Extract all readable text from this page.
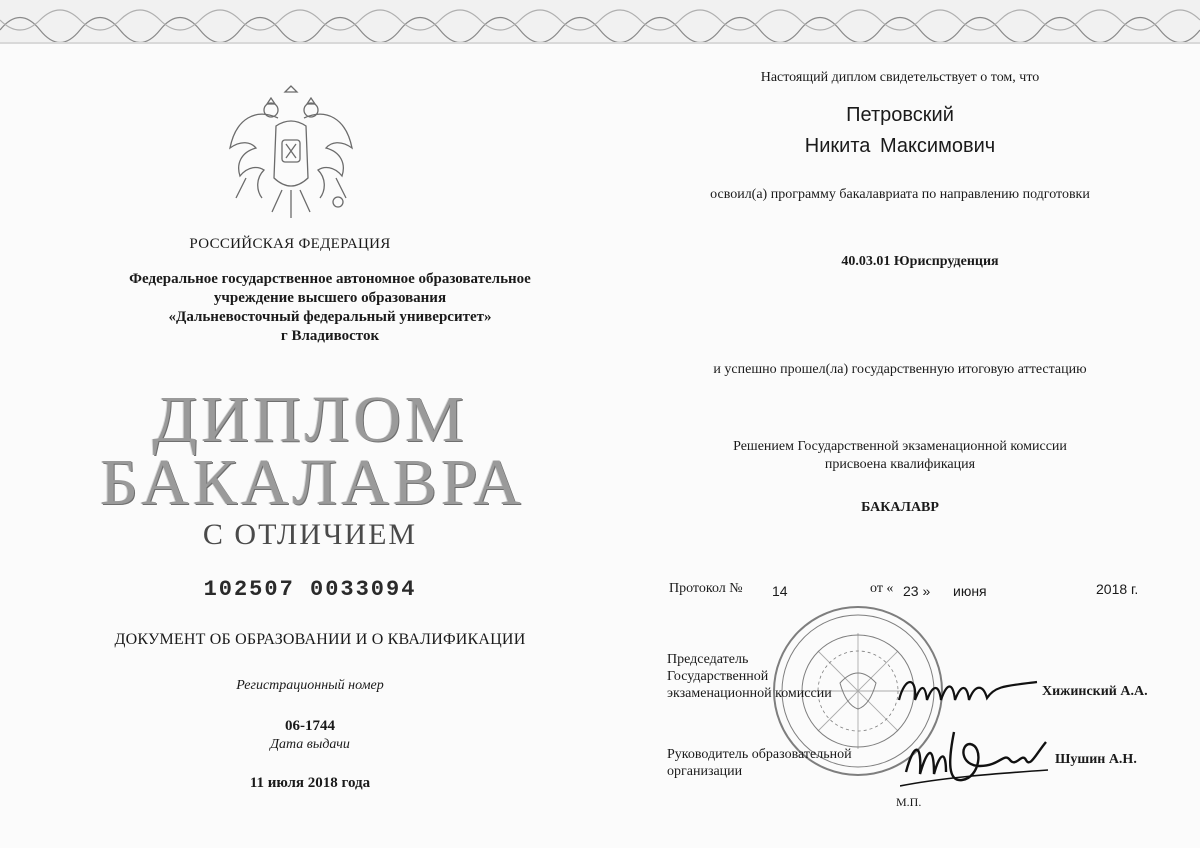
РОССИЙСКАЯ ФЕДЕРАЦИЯ
Федеральное государственное автономное образовательное
учреждение высшего образования
«Дальневосточный федеральный университет»
г Владивосток
ДИПЛОМ
БАКАЛАВРА
С ОТЛИЧИЕМ
102507 0033094
ДОКУМЕНТ ОБ ОБРАЗОВАНИИ И О КВАЛИФИКАЦИИ
Регистрационный номер
06-1744
Дата выдачи
11 июля 2018 года
Настоящий диплом свидетельствует о том, что
Петровский
Никита Максимович
освоил(а) программу бакалавриата по направлению подготовки
40.03.01 Юриспруденция
и успешно прошел(ла) государственную итоговую аттестацию
Решением Государственной экзаменационной комиссии
присвоена квалификация
БАКАЛАВР
Протокол № 14	от « 23 » июня	2018 г.
Председатель
Государственной
экзаменационной комиссии	Хижинский А.А.
Руководитель образовательной
организации
Шушин А.Н.
М.П.
